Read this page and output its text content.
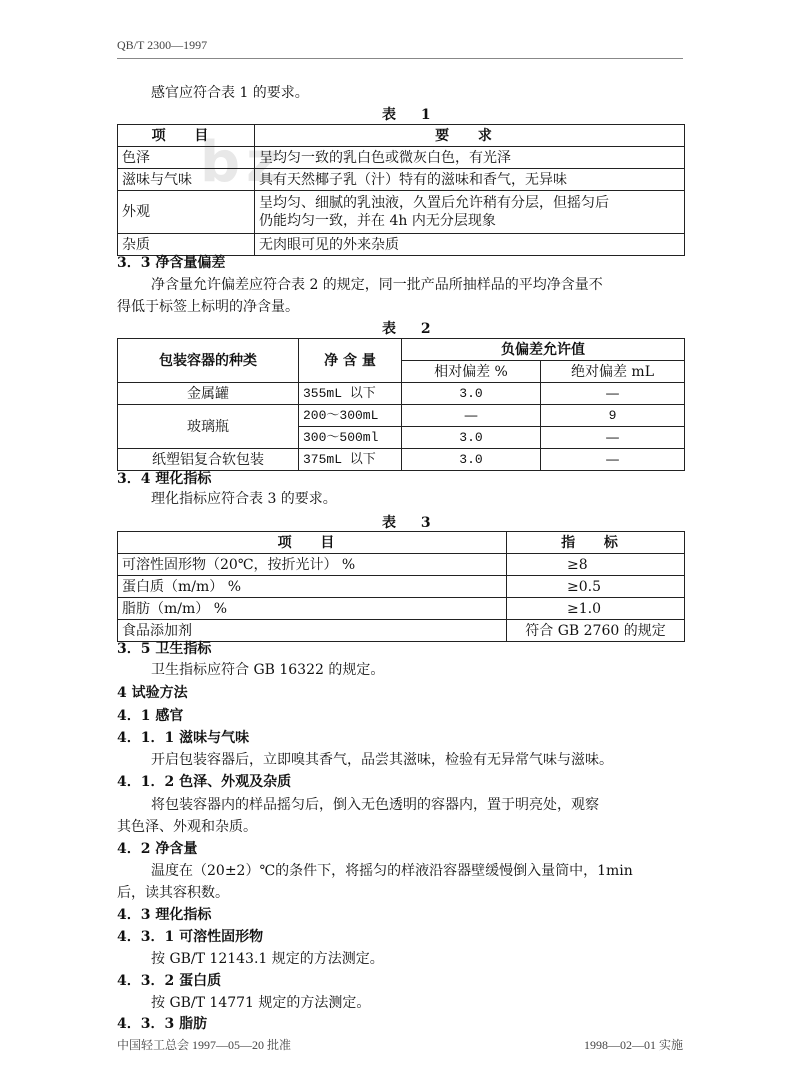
QB/T 2300—1997
bz
感官应符合表 1 的要求。
表 1
项 目	要 求
色泽	呈均匀一致的乳白色或微灰白色，有光泽
滋味与气味	具有天然椰子乳（汁）特有的滋味和香气，无异味
外观	呈均匀、细腻的乳浊液，久置后允许稍有分层，但摇匀后
仍能均匀一致，并在 4h 内无分层现象

杂质	无肉眼可见的外来杂质
3．3 净含量偏差
净含量允许偏差应符合表 2 的规定，同一批产品所抽样品的平均净含量不
得低于标签上标明的净含量。
表 2
包装容器的种类	净 含 量	负偏差允许值	
		相对偏差 %	绝对偏差 mL
金属罐	355mL 以下	3.0	—
玻璃瓶	200～300mL	—	9
	300～500ml	3.0	—
纸塑铝复合软包装	375mL 以下	3.0	—
3．4 理化指标
理化指标应符合表 3 的要求。
表 3
项 目	指 标
可溶性固形物（20℃，按折光计） %	≥8
蛋白质（m/m） %	≥0.5
脂肪（m/m） %	≥1.0
食品添加剂	符合 GB 2760 的规定
3．5 卫生指标
卫生指标应符合 GB 16322 的规定。
4 试验方法
4．1 感官
4．1．1 滋味与气味
开启包装容器后，立即嗅其香气，品尝其滋味，检验有无异常气味与滋味。
4．1．2 色泽、外观及杂质
将包装容器内的样品摇匀后，倒入无色透明的容器内，置于明亮处，观察
其色泽、外观和杂质。
4．2 净含量
温度在（20±2）℃的条件下，将摇匀的样液沿容器壁缓慢倒入量筒中，1min
后，读其容积数。
4．3 理化指标
4．3．1 可溶性固形物
按 GB/T 12143.1 规定的方法测定。
4．3．2 蛋白质
按 GB/T 14771 规定的方法测定。
4．3．3 脂肪
中国轻工总会 1997—05—20 批准	1998—02—01 实施
